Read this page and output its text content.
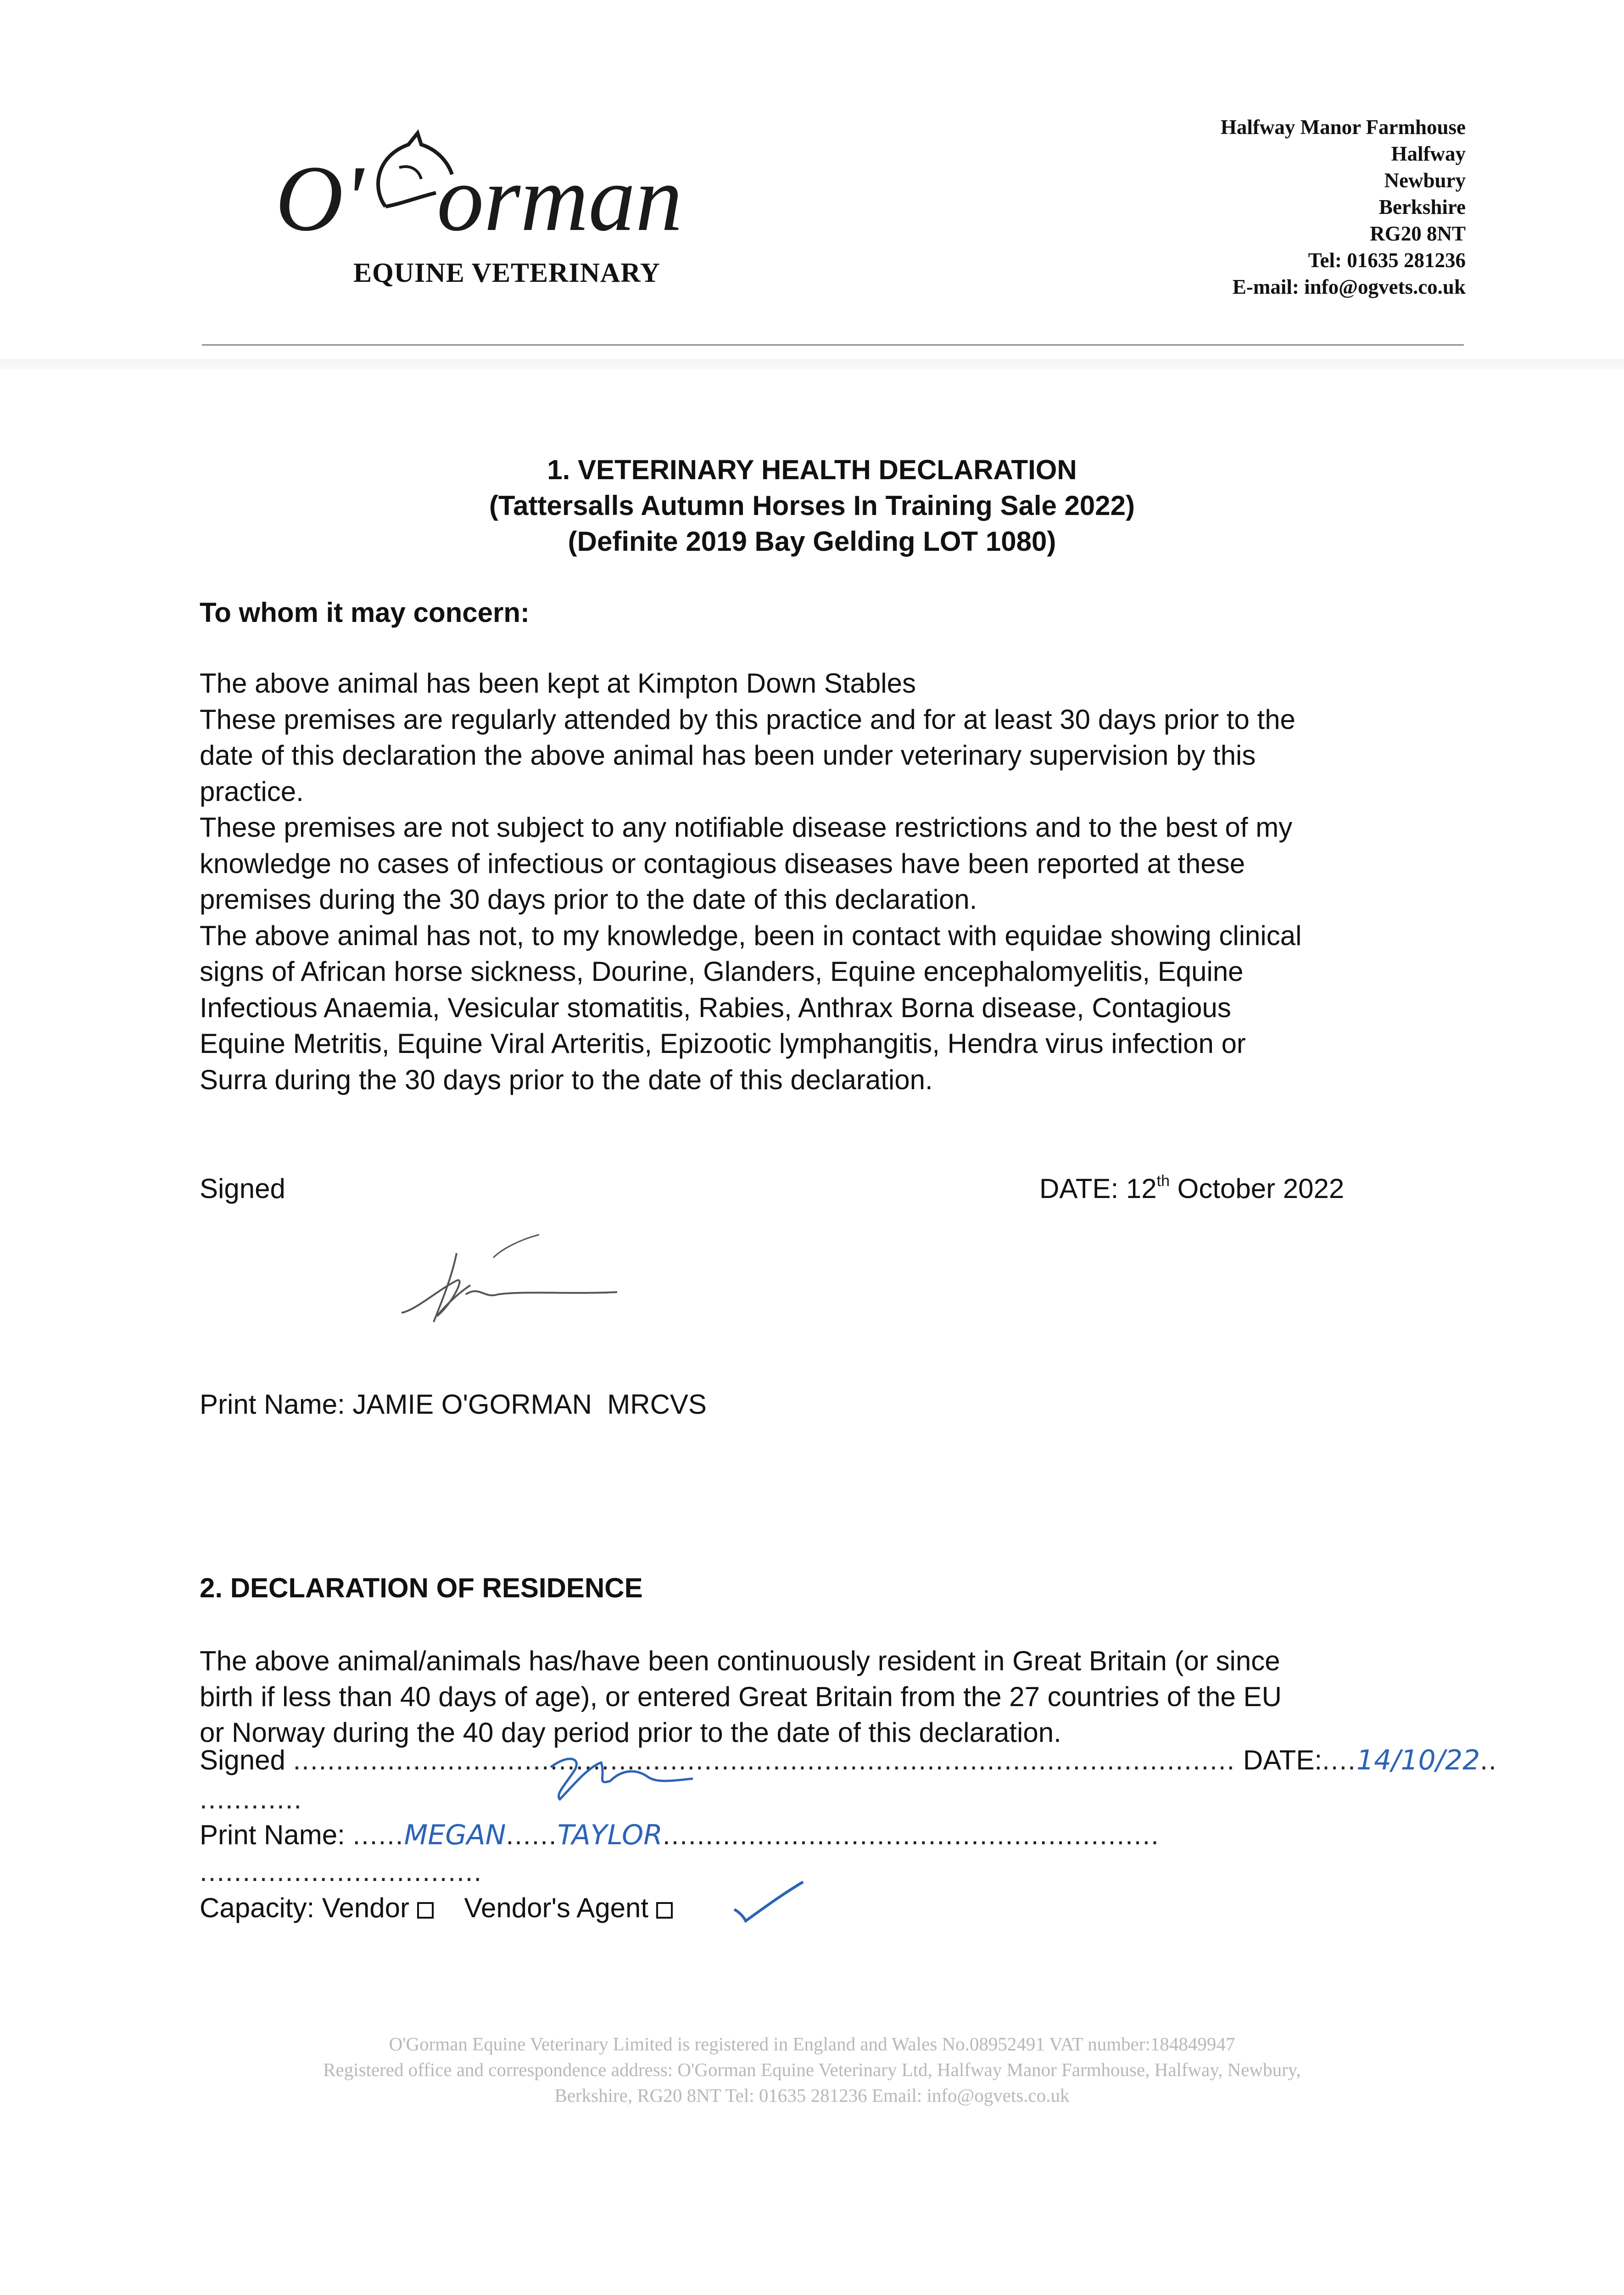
O' orman
EQUINE VETERINARY
Halfway Manor Farmhouse
Halfway
Newbury
Berkshire
RG20 8NT
Tel: 01635 281236
E-mail: info@ogvets.co.uk
1. VETERINARY HEALTH DECLARATION
(Tattersalls Autumn Horses In Training Sale 2022)
(Definite 2019 Bay Gelding LOT 1080)
To whom it may concern:
The above animal has been kept at Kimpton Down Stables
These premises are regularly attended by this practice and for at least 30 days prior to the
date of this declaration the above animal has been under veterinary supervision by this
practice.
These premises are not subject to any notifiable disease restrictions and to the best of my
knowledge no cases of infectious or contagious diseases have been reported at these
premises during the 30 days prior to the date of this declaration.
The above animal has not, to my knowledge, been in contact with equidae showing clinical
signs of African horse sickness, Dourine, Glanders, Equine encephalomyelitis, Equine
Infectious Anaemia, Vesicular stomatitis, Rabies, Anthrax Borna disease, Contagious
Equine Metritis, Equine Viral Arteritis, Epizootic lymphangitis, Hendra virus infection or
Surra during the 30 days prior to the date of this declaration.
Signed	DATE: 12th October 2022
Print Name: JAMIE O'GORMAN  MRCVS
2. DECLARATION OF RESIDENCE
The above animal/animals has/have been continuously resident in Great Britain (or since
birth if less than 40 days of age), or entered Great Britain from the 27 countries of the EU
or Norway during the 40 day period prior to the date of this declaration.
Signed .............................................................................................................. DATE:....14/10/22..
............
Print Name: ......MEGAN......TAYLOR..........................................................
.................................
Capacity: Vendor Vendor's Agent
O'Gorman Equine Veterinary Limited is registered in England and Wales No.08952491 VAT number:184849947
Registered office and correspondence address: O'Gorman Equine Veterinary Ltd, Halfway Manor Farmhouse, Halfway, Newbury,
Berkshire, RG20 8NT Tel: 01635 281236 Email: info@ogvets.co.uk
